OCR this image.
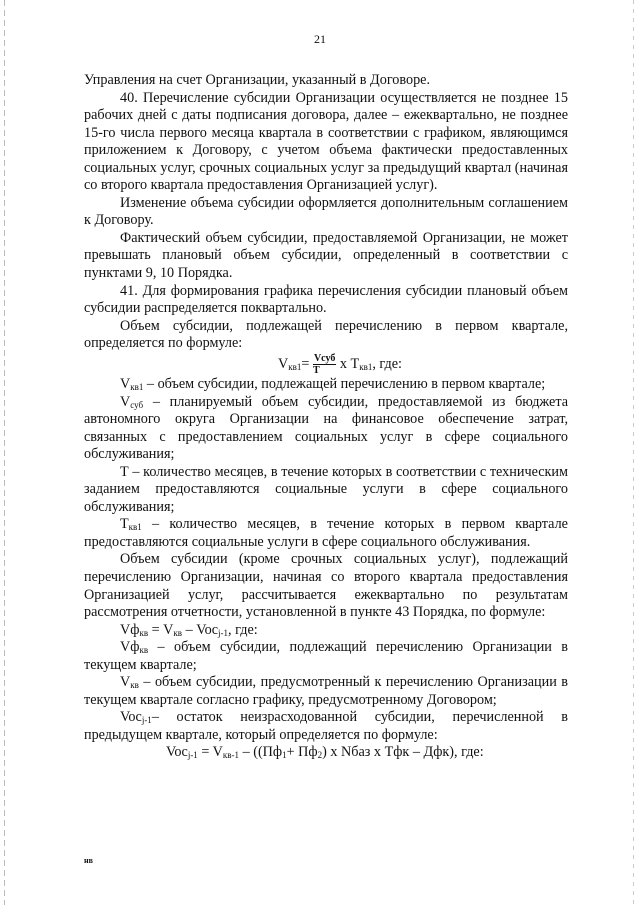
21

Управления на счет Организации, указанный в Договоре.

40. Перечисление субсидии Организации осуществляется не позднее 15 рабочих дней с даты подписания договора, далее – ежеквартально, не позднее 15-го числа первого месяца квартала в соответствии с графиком, являющимся приложением к Договору, с учетом объема фактически предоставленных социальных услуг, срочных социальных услуг за предыдущий квартал (начиная со второго квартала предоставления Организацией услуг).

Изменение объема субсидии оформляется дополнительным соглашением к Договору.

Фактический объем субсидии, предоставляемой Организации, не может превышать плановый объем субсидии, определенный в соответствии с пунктами 9, 10 Порядка.

41. Для формирования графика перечисления субсидии плановый объем субсидии распределяется поквартально.

Объем субсидии, подлежащей перечислению в первом квартале, определяется по формуле:

$V_{кв1}= \frac{\text{Vсуб}}{T}$ х $Т_{кв1}$, где:

$V_{кв1}$ – объем субсидии, подлежащей перечислению в первом квартале;

$V_{суб}$ – планируемый объем субсидии, предоставляемой из бюджета автономного округа Организации на финансовое обеспечение затрат, связанных с предоставлением социальных услуг в сфере социального обслуживания;

Т – количество месяцев, в течение которых в соответствии с техническим заданием предоставляются социальные услуги в сфере социального обслуживания;

$Т_{кв1}$ – количество месяцев, в течение которых в первом квартале предоставляются социальные услуги в сфере социального обслуживания.

Объем субсидии (кроме срочных социальных услуг), подлежащий перечислению Организации, начиная со второго квартала предоставления Организацией услуг, рассчитывается ежеквартально по результатам рассмотрения отчетности, установленной в пункте 43 Порядка, по формуле:

$Vф_{кв} = V_{кв} - Voc_{j-1}$, где:

$Vф_{кв}$ – объем субсидии, подлежащий перечислению Организации в текущем квартале;

$V_{кв}$ – объем субсидии, предусмотренный к перечислению Организации в текущем квартале согласно графику, предусмотренному Договором;

Voc$_{j-1}$– остаток неизрасходованной субсидии, перечисленной в предыдущем квартале, который определяется по формуле:

$Voc_{j-1} = V_{кв-1} - ((Пф_1+ Пф_2)$ х Nбаз х Тфк – Дфк), где:

нв
